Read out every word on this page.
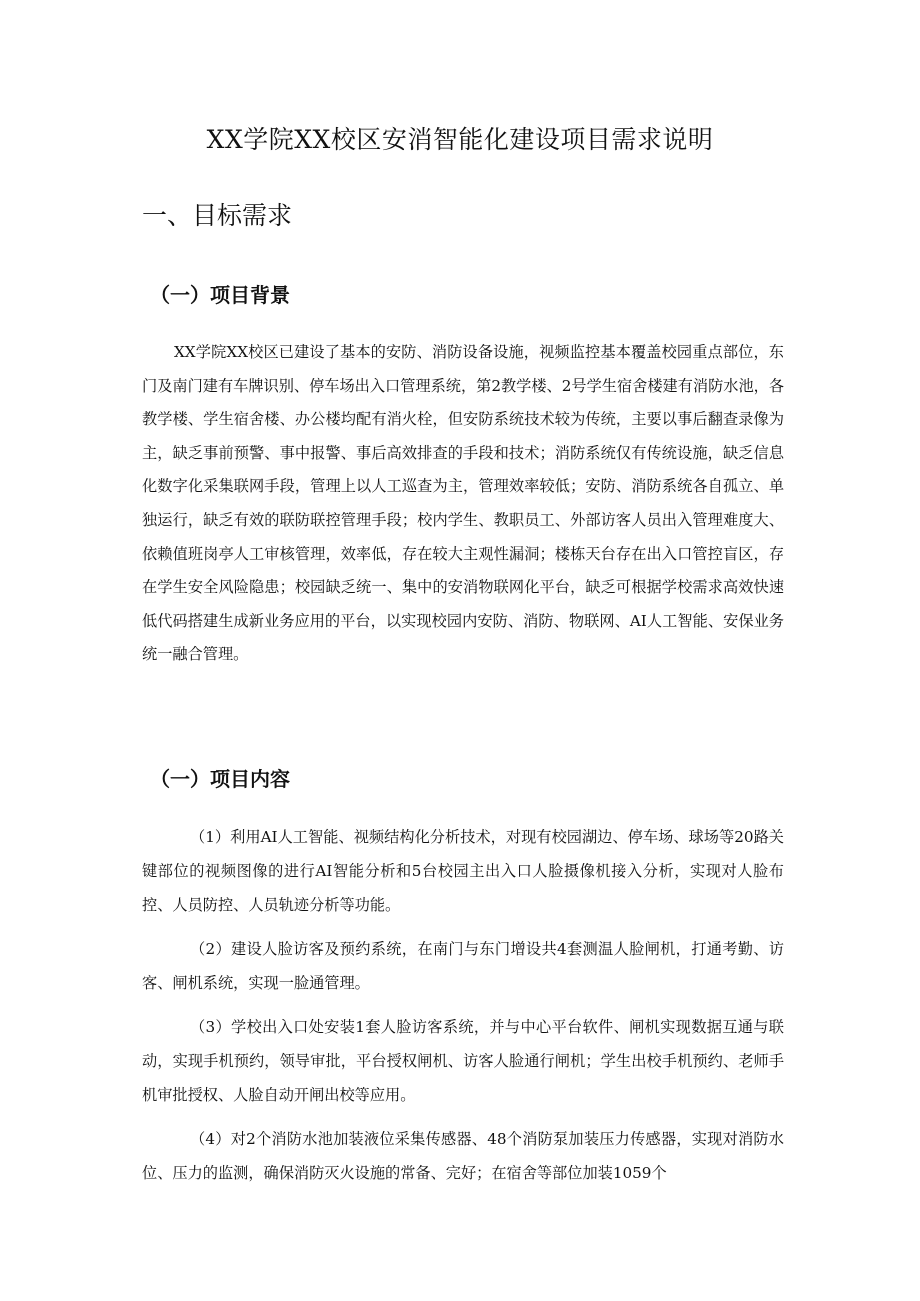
XX学院XX校区安消智能化建设项目需求说明
一、目标需求
（一）项目背景

XX学院XX校区已建设了基本的安防、消防设备设施，视频监控基本覆盖校园重点部位，东门及南门建有车牌识别、停车场出入口管理系统，第2教学楼、2号学生宿舍楼建有消防水池，各教学楼、学生宿舍楼、办公楼均配有消火栓，但安防系统技术较为传统，主要以事后翻查录像为主，缺乏事前预警、事中报警、事后高效排查的手段和技术；消防系统仅有传统设施，缺乏信息化数字化采集联网手段，管理上以人工巡查为主，管理效率较低；安防、消防系统各自孤立、单独运行，缺乏有效的联防联控管理手段；校内学生、教职员工、外部访客人员出入管理难度大、依赖值班岗亭人工审核管理，效率低，存在较大主观性漏洞；楼栋天台存在出入口管控盲区，存在学生安全风险隐患；校园缺乏统一、集中的安消物联网化平台，缺乏可根据学校需求高效快速低代码搭建生成新业务应用的平台，以实现校园内安防、消防、物联网、AI人工智能、安保业务统一融合管理。

（一）项目内容

（1）利用AI人工智能、视频结构化分析技术，对现有校园湖边、停车场、球场等20路关键部位的视频图像的进行AI智能分析和5台校园主出入口人脸摄像机接入分析，实现对人脸布控、人员防控、人员轨迹分析等功能。

（2）建设人脸访客及预约系统，在南门与东门增设共4套测温人脸闸机，打通考勤、访客、闸机系统，实现一脸通管理。

（3）学校出入口处安装1套人脸访客系统，并与中心平台软件、闸机实现数据互通与联动，实现手机预约，领导审批，平台授权闸机、访客人脸通行闸机；学生出校手机预约、老师手机审批授权、人脸自动开闸出校等应用。

（4）对2个消防水池加装液位采集传感器、48个消防泵加装压力传感器，实现对消防水位、压力的监测，确保消防灭火设施的常备、完好；在宿舍等部位加装1059个
